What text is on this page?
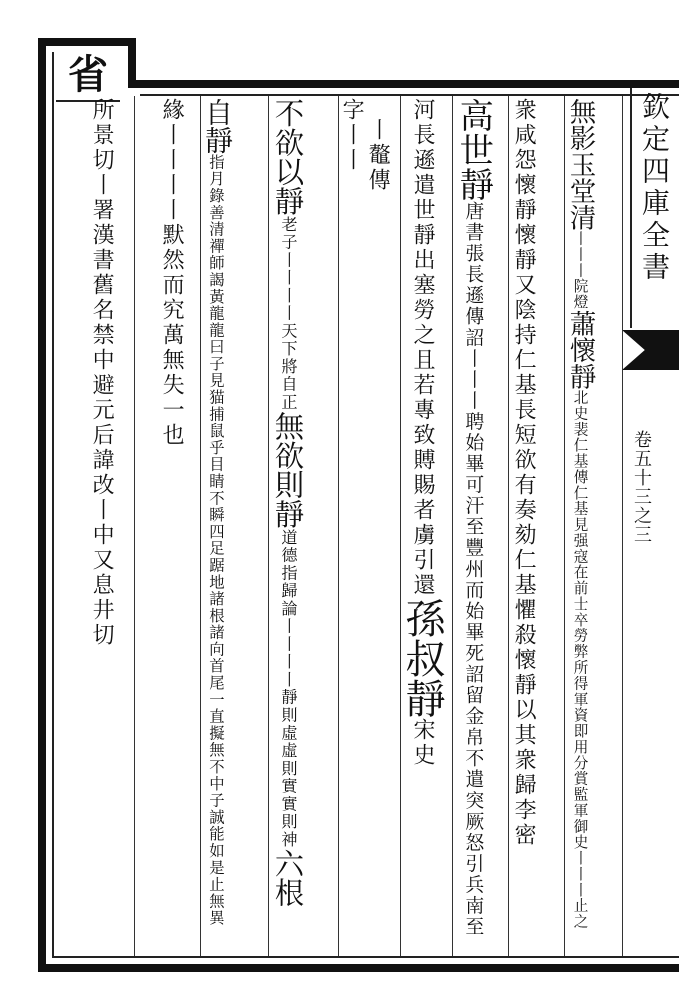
省
欽定四庫全書
卷五十三之三
無影玉堂清丨丨丨院燈蕭懷靜北史裴仁基傳仁基見强寇在前士卒勞弊所得軍資即用分賞監軍御史丨丨丨止之
衆咸怨懷靜懷靜又陰持仁基長短欲有奏劾仁基懼殺懷靜以其衆歸李密
高世靜唐書張長遜傳詔丨丨丨聘始畢可汗至豐州而始畢死詔留金帛不遣突厥怒引兵南至
河長遜遣世靜出塞勞之且若專致賻賜者虜引還孫叔靜宋史
丨鼇傳
字丨丨
不欲以靜老子丨丨丨丨天下將自正無欲則靜道德指歸論丨丨丨丨靜則虛虛則實實則神六根
自靜指月錄善清禪師謁黃龍龍曰子見猫捕鼠乎目睛不瞬四足踞地諸根諸向首尾一直擬無不中子誠能如是止無異
緣丨丨丨丨默然而究萬無失一也
所景切丨署漢書舊名禁中避元后諱改丨中又息井切
